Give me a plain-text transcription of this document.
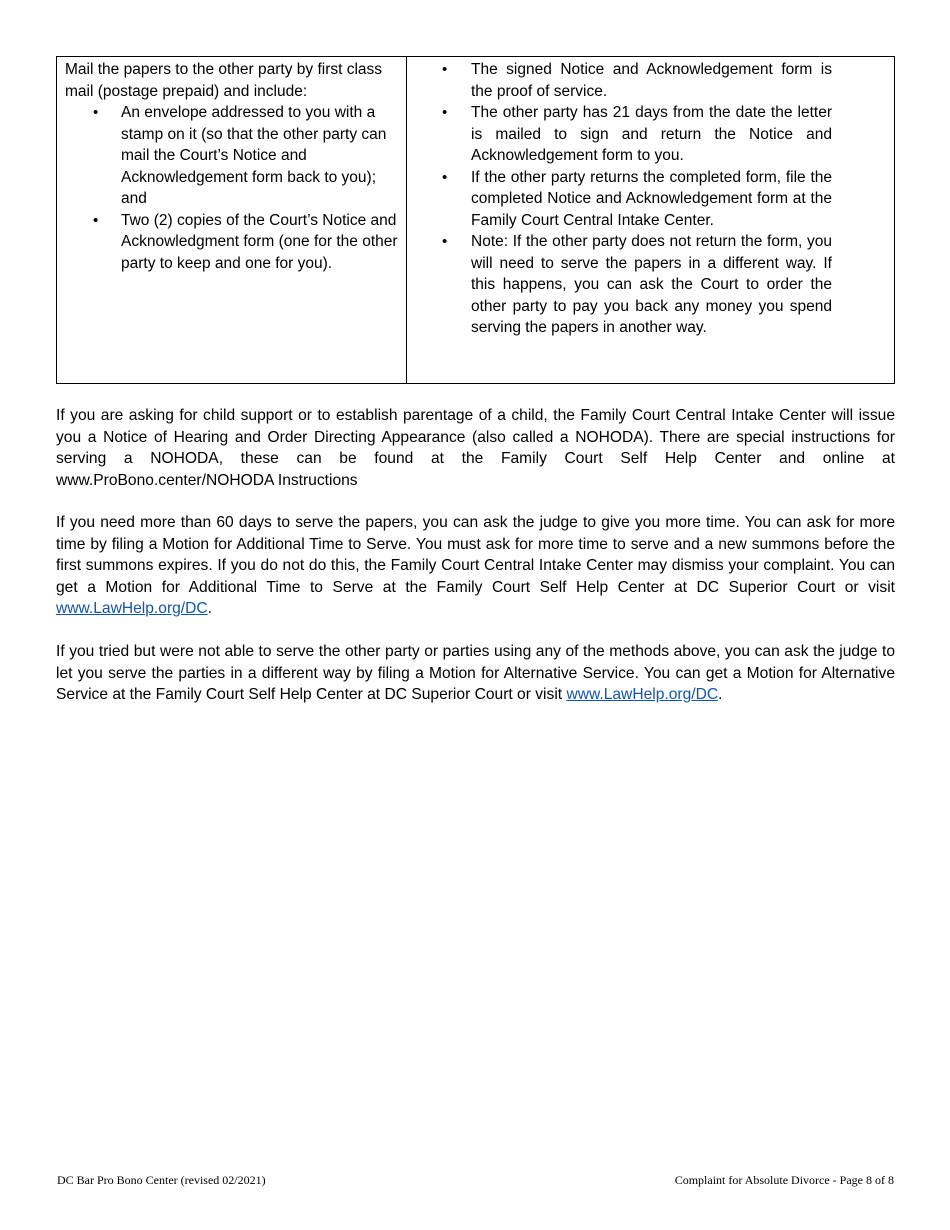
Mail the papers to the other party by first class mail (postage prepaid) and include:
• An envelope addressed to you with a stamp on it (so that the other party can mail the Court’s Notice and Acknowledgement form back to you); and
• Two (2) copies of the Court’s Notice and Acknowledgment form (one for the other party to keep and one for you).

• The signed Notice and Acknowledgement form is the proof of service.
• The other party has 21 days from the date the letter is mailed to sign and return the Notice and Acknowledgement form to you.
• If the other party returns the completed form, file the completed Notice and Acknowledgement form at the Family Court Central Intake Center.
• Note: If the other party does not return the form, you will need to serve the papers in a different way. If this happens, you can ask the Court to order the other party to pay you back any money you spend serving the papers in another way.

If you are asking for child support or to establish parentage of a child, the Family Court Central Intake Center will issue you a Notice of Hearing and Order Directing Appearance (also called a NOHODA). There are special instructions for serving a NOHODA, these can be found at the Family Court Self Help Center and online at www.ProBono.center/NOHODA Instructions

If you need more than 60 days to serve the papers, you can ask the judge to give you more time. You can ask for more time by filing a Motion for Additional Time to Serve. You must ask for more time to serve and a new summons before the first summons expires. If you do not do this, the Family Court Central Intake Center may dismiss your complaint. You can get a Motion for Additional Time to Serve at the Family Court Self Help Center at DC Superior Court or visit www.LawHelp.org/DC.

If you tried but were not able to serve the other party or parties using any of the methods above, you can ask the judge to let you serve the parties in a different way by filing a Motion for Alternative Service. You can get a Motion for Alternative Service at the Family Court Self Help Center at DC Superior Court or visit www.LawHelp.org/DC.

DC Bar Pro Bono Center (revised 02/2021)	Complaint for Absolute Divorce - Page 8 of 8
